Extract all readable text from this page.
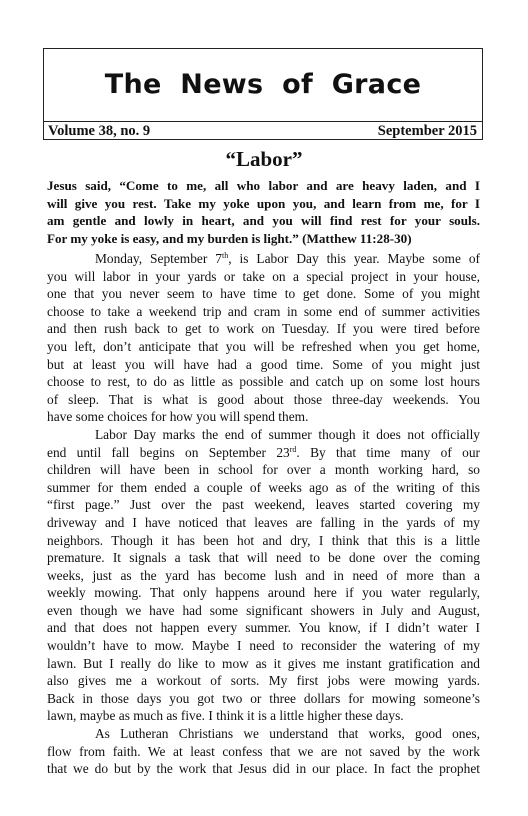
The News of Grace
Volume 38, no. 9	September 2015
“Labor”
Jesus said, “Come to me, all who labor and are heavy laden, and I
will give you rest. Take my yoke upon you, and learn from me, for I
am gentle and lowly in heart, and you will find rest for your souls.
For my yoke is easy, and my burden is light.” (Matthew 11:28-30)
Monday, September 7th, is Labor Day this year. Maybe some of
you will labor in your yards or take on a special project in your house,
one that you never seem to have time to get done. Some of you might
choose to take a weekend trip and cram in some end of summer activities
and then rush back to get to work on Tuesday. If you were tired before
you left, don’t anticipate that you will be refreshed when you get home,
but at least you will have had a good time. Some of you might just
choose to rest, to do as little as possible and catch up on some lost hours
of sleep. That is what is good about those three-day weekends. You
have some choices for how you will spend them.
Labor Day marks the end of summer though it does not officially
end until fall begins on September 23rd. By that time many of our
children will have been in school for over a month working hard, so
summer for them ended a couple of weeks ago as of the writing of this
“first page.” Just over the past weekend, leaves started covering my
driveway and I have noticed that leaves are falling in the yards of my
neighbors. Though it has been hot and dry, I think that this is a little
premature. It signals a task that will need to be done over the coming
weeks, just as the yard has become lush and in need of more than a
weekly mowing. That only happens around here if you water regularly,
even though we have had some significant showers in July and August,
and that does not happen every summer. You know, if I didn’t water I
wouldn’t have to mow. Maybe I need to reconsider the watering of my
lawn. But I really do like to mow as it gives me instant gratification and
also gives me a workout of sorts. My first jobs were mowing yards.
Back in those days you got two or three dollars for mowing someone’s
lawn, maybe as much as five. I think it is a little higher these days.
As Lutheran Christians we understand that works, good ones,
flow from faith. We at least confess that we are not saved by the work
that we do but by the work that Jesus did in our place. In fact the prophet
